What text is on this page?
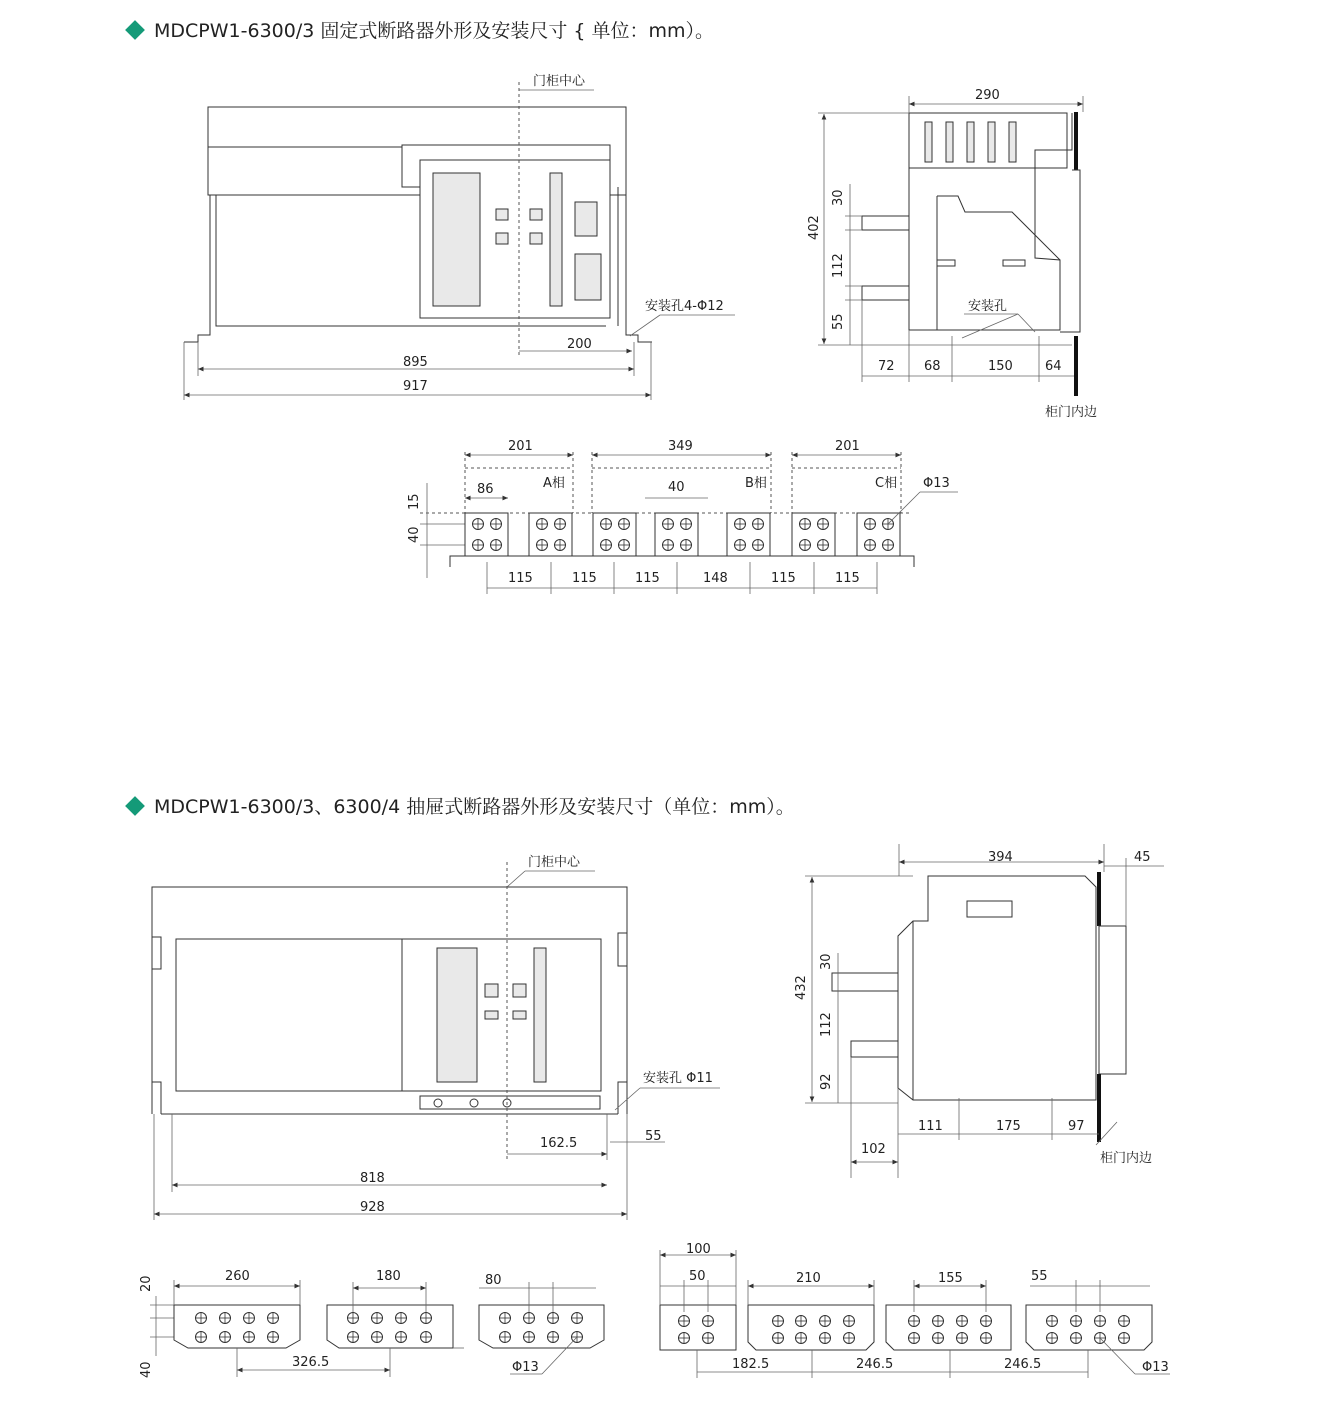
MDCPW1-6300/3 固定式断路器外形及安装尺寸 { 单位：mm）。
MDCPW1-6300/3、6300/4 抽屉式断路器外形及安装尺寸（单位：mm）。
门柜中心
安装孔4-Φ12
200
895
917
290
402
30
112
55
72 68	150 64
安装孔
柜门内边
201	349	201
A相	B相	C相
86	40
15
40
Φ13
115	115	115	148	115	115
门柜中心
安装孔 Φ11
162.5	55
818
928
394	45
432
30
112
92
102
111	175	97
柜门内边
20
40
260	180	80
326.5	Φ13
100
50	210	155	55
182.5	246.5	246.5	Φ13
